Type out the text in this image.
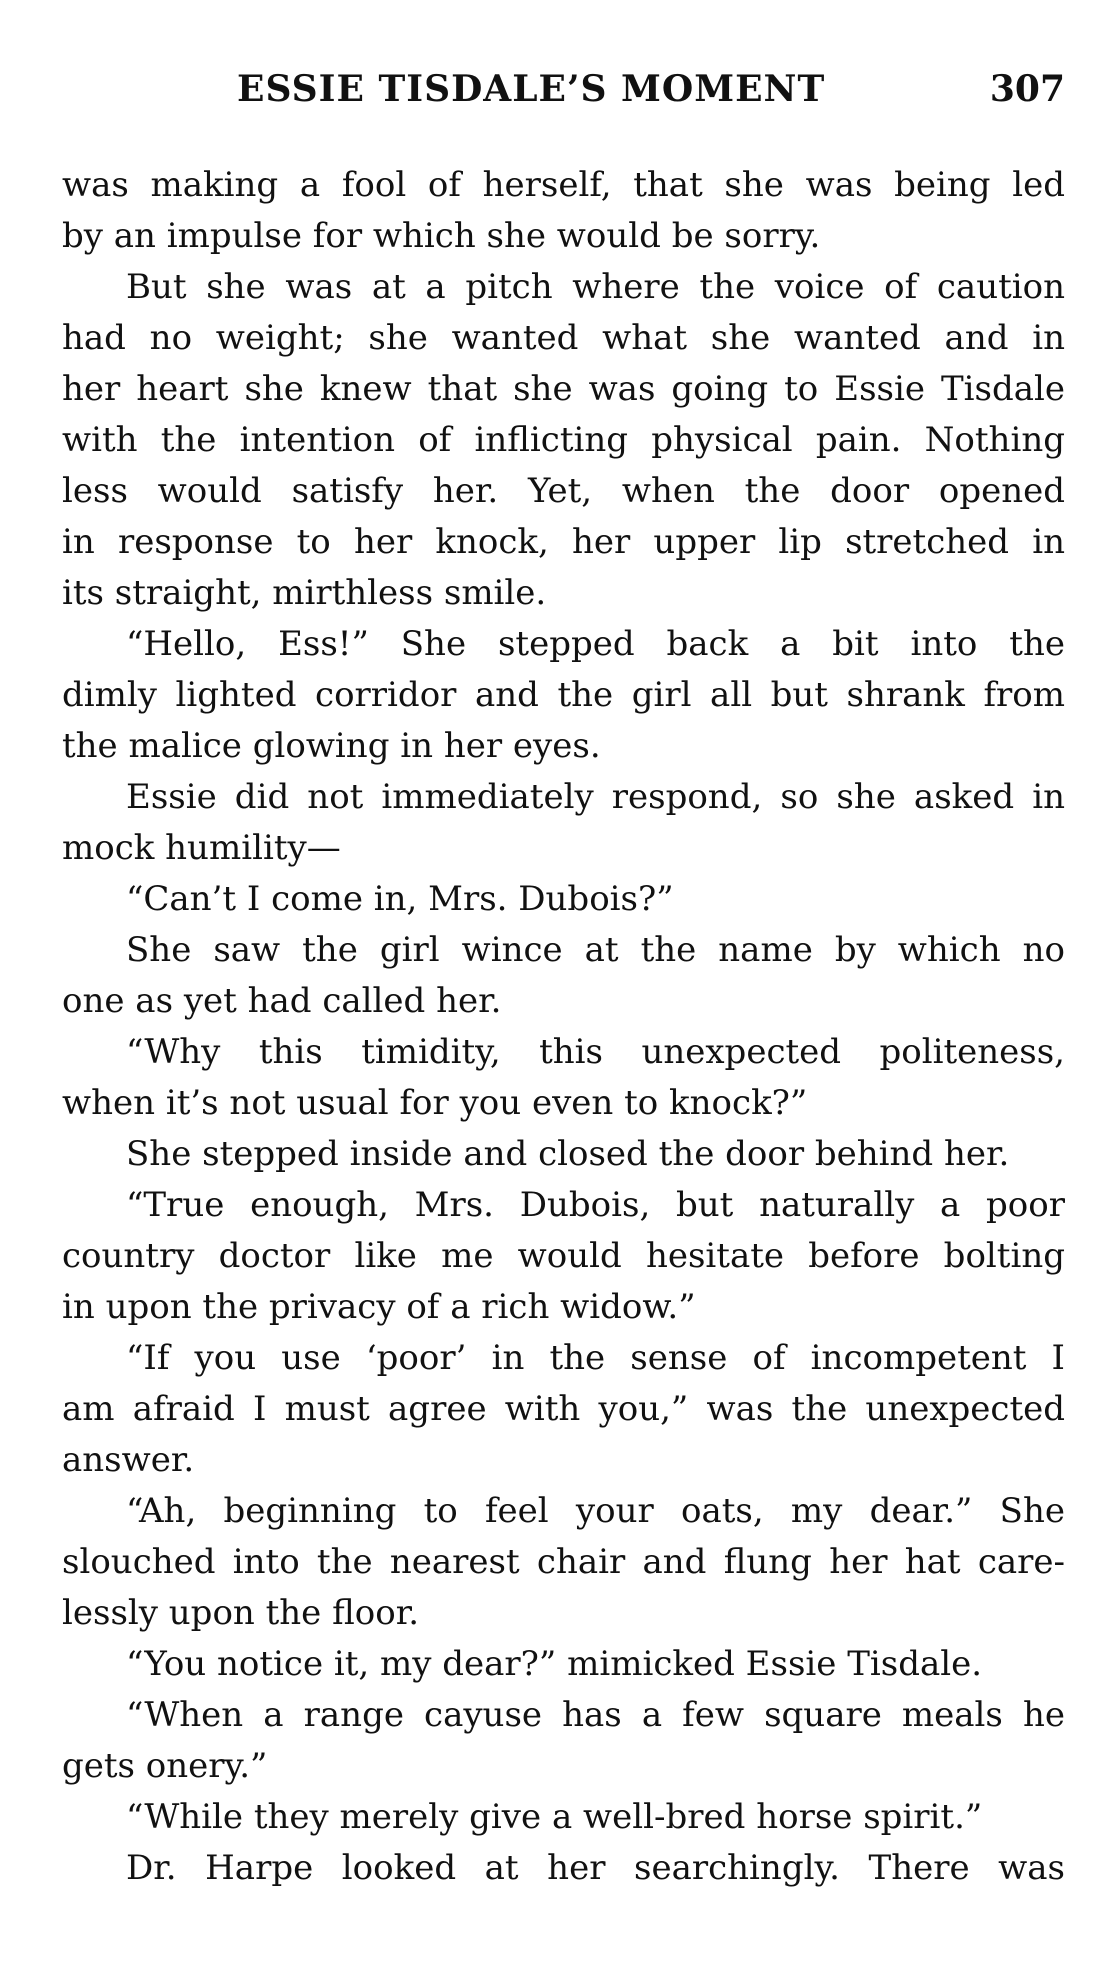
ESSIE TISDALE’S MOMENT	307
was making a fool of herself, that she was being led
by an impulse for which she would be sorry.
But she was at a pitch where the voice of caution
had no weight; she wanted what she wanted and in
her heart she knew that she was going to Essie Tisdale
with the intention of inflicting physical pain. Nothing
less would satisfy her. Yet, when the door opened
in response to her knock, her upper lip stretched in
its straight, mirthless smile.
“Hello, Ess!” She stepped back a bit into the
dimly lighted corridor and the girl all but shrank from
the malice glowing in her eyes.
Essie did not immediately respond, so she asked in
mock humility—
“Can’t I come in, Mrs. Dubois?”
She saw the girl wince at the name by which no
one as yet had called her.
“Why this timidity, this unexpected politeness,
when it’s not usual for you even to knock?”
She stepped inside and closed the door behind her.
“True enough, Mrs. Dubois, but naturally a poor
country doctor like me would hesitate before bolting
in upon the privacy of a rich widow.”
“If you use ‘poor’ in the sense of incompetent I
am afraid I must agree with you,” was the unexpected
answer.
“Ah, beginning to feel your oats, my dear.” She
slouched into the nearest chair and flung her hat care-
lessly upon the floor.
“You notice it, my dear?” mimicked Essie Tisdale.
“When a range cayuse has a few square meals he
gets onery.”
“While they merely give a well-bred horse spirit.”
Dr. Harpe looked at her searchingly. There was
